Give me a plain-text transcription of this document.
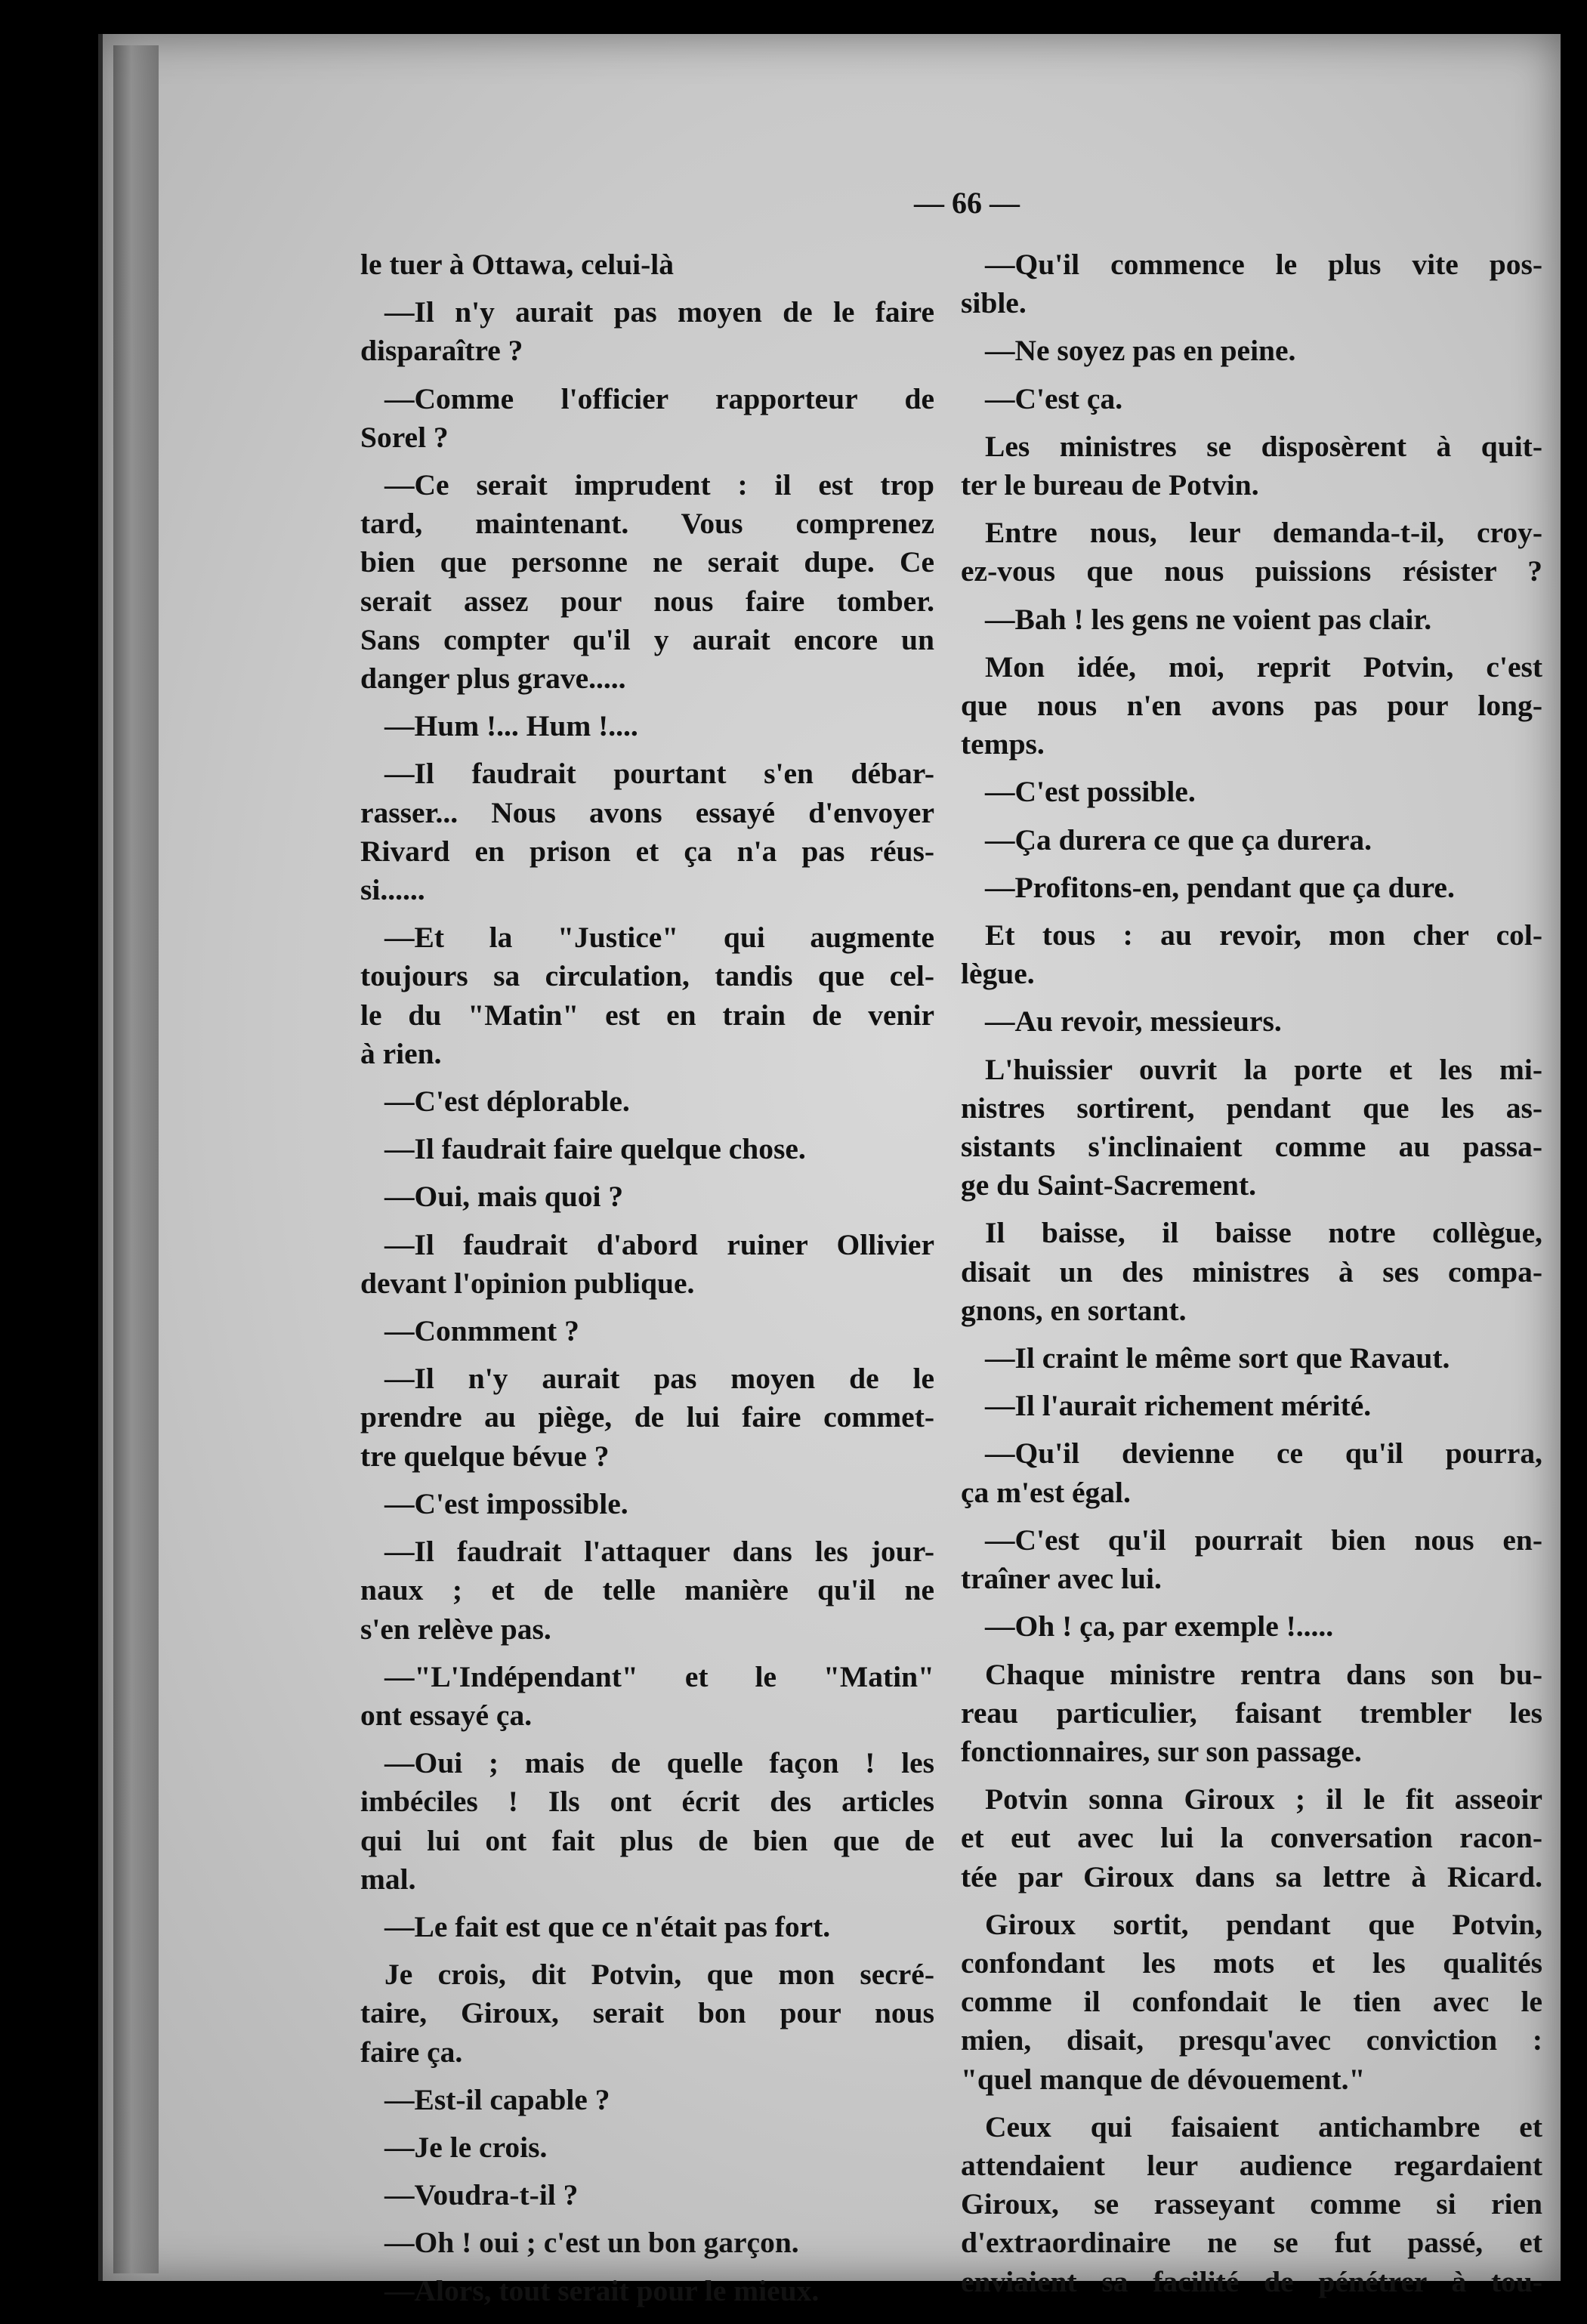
— 66 —
le tuer à Ottawa, celui-là
—Il n'y aurait pas moyen de le faire
disparaître ?
—Comme l'officier rapporteur de
Sorel ?
—Ce serait imprudent : il est trop
tard, maintenant. Vous comprenez
bien que personne ne serait dupe. Ce
serait assez pour nous faire tomber.
Sans compter qu'il y aurait encore un
danger plus grave.....
—Hum !... Hum !....
—Il faudrait pourtant s'en débar-
rasser... Nous avons essayé d'envoyer
Rivard en prison et ça n'a pas réus-
si......
—Et la "Justice" qui augmente
toujours sa circulation, tandis que cel-
le du "Matin" est en train de venir
à rien.
—C'est déplorable.
—Il faudrait faire quelque chose.
—Oui, mais quoi ?
—Il faudrait d'abord ruiner Ollivier
devant l'opinion publique.
—Conmment ?
—Il n'y aurait pas moyen de le
prendre au piège, de lui faire commet-
tre quelque bévue ?
—C'est impossible.
—Il faudrait l'attaquer dans les jour-
naux ; et de telle manière qu'il ne
s'en relève pas.
—"L'Indépendant" et le "Matin"
ont essayé ça.
—Oui ; mais de quelle façon ! les
imbéciles ! Ils ont écrit des articles
qui lui ont fait plus de bien que de
mal.
—Le fait est que ce n'était pas fort.
Je crois, dit Potvin, que mon secré-
taire, Giroux, serait bon pour nous
faire ça.
—Est-il capable ?
—Je le crois.
—Voudra-t-il ?
—Oh ! oui ; c'est un bon garçon.
—Alors, tout serait pour le mieux.
—Qu'il commence le plus vite pos-
sible.
—Ne soyez pas en peine.
—C'est ça.
Les ministres se disposèrent à quit-
ter le bureau de Potvin.
Entre nous, leur demanda-t-il, croy-
ez-vous que nous puissions résister ?
—Bah ! les gens ne voient pas clair.
Mon idée, moi, reprit Potvin, c'est
que nous n'en avons pas pour long-
temps.
—C'est possible.
—Ça durera ce que ça durera.
—Profitons-en, pendant que ça dure.
Et tous : au revoir, mon cher col-
lègue.
—Au revoir, messieurs.
L'huissier ouvrit la porte et les mi-
nistres sortirent, pendant que les as-
sistants s'inclinaient comme au passa-
ge du Saint-Sacrement.
Il baisse, il baisse notre collègue,
disait un des ministres à ses compa-
gnons, en sortant.
—Il craint le même sort que Ravaut.
—Il l'aurait richement mérité.
—Qu'il devienne ce qu'il pourra,
ça m'est égal.
—C'est qu'il pourrait bien nous en-
traîner avec lui.
—Oh ! ça, par exemple !.....
Chaque ministre rentra dans son bu-
reau particulier, faisant trembler les
fonctionnaires, sur son passage.
Potvin sonna Giroux ; il le fit asseoir
et eut avec lui la conversation racon-
tée par Giroux dans sa lettre à Ricard.
Giroux sortit, pendant que Potvin,
confondant les mots et les qualités
comme il confondait le tien avec le
mien, disait, presqu'avec conviction :
"quel manque de dévouement."
Ceux qui faisaient antichambre et
attendaient leur audience regardaient
Giroux, se rasseyant comme si rien
d'extraordinaire ne se fut passé, et
enviaient sa facilité de pénétrer à tou-
